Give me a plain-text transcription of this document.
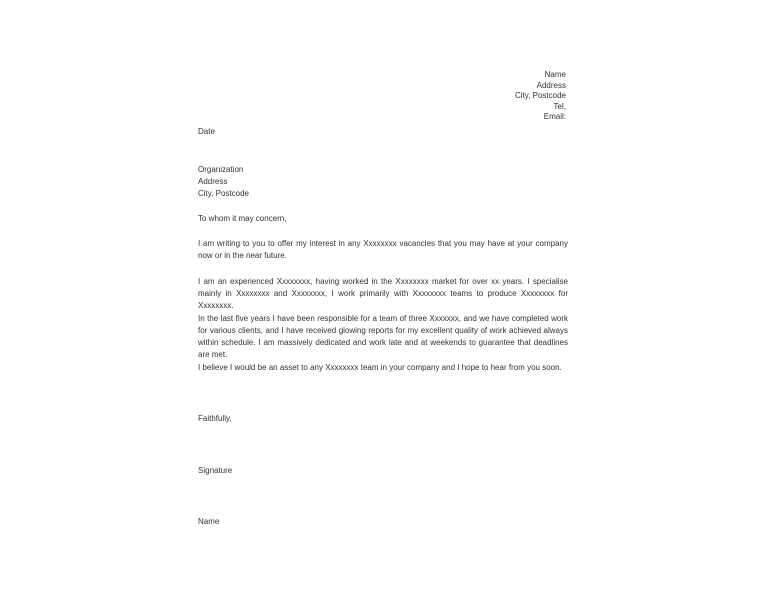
Name
Address
City, Postcode
Tel,
Email:
Date
Organization
Address
City, Postcode
To whom it may concern,

I am writing to you to offer my interest in any Xxxxxxxx vacancies that you may have at your company now or in the near future.

I am an experienced Xxxxxxxx, having worked in the Xxxxxxxx market for over xx years. I specialise mainly in Xxxxxxxx and Xxxxxxxx, I work primarily with Xxxxxxxx teams to produce Xxxxxxxx for Xxxxxxxx.

In the last five years I have been responsible for a team of three Xxxxxxx, and we have completed work for various clients, and I have received glowing reports for my excellent quality of work achieved always within schedule. I am massively dedicated and work late and at weekends to guarantee that deadlines are met.

I believe I would be an asset to any Xxxxxxxx team in your company and I hope to hear from you soon.

Faithfully,
Signature
Name
